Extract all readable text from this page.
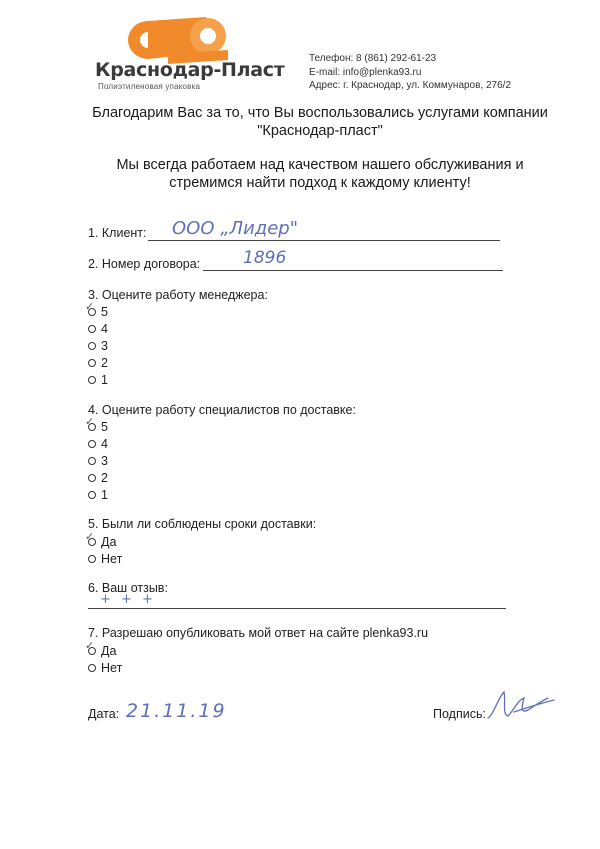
Краснодар-Пласт
Полиэтиленовая упаковка
Телефон: 8 (861) 292-61-23
E-mail: info@plenka93.ru
Адрес: г. Краснодар, ул. Коммунаров, 276/2
Благодарим Вас за то, что Вы воспользовались услугами компании
"Краснодар-пласт"
Мы всегда работаем над качеством нашего обслуживания и
стремимся найти подход к каждому клиенту!
1. Клиент: ООО „Лидер"
2. Номер договора:	1896
3. Оцените работу менеджера:
✓ 5
4
3
2
1
4. Оцените работу специалистов по доставке:
✓ 5
4
3
2
1
5. Были ли соблюдены сроки доставки:
✓ Да
Нет
6. Ваш отзыв:
+ + +
7. Разрешаю опубликовать мой ответ на сайте plenka93.ru
✓ Да
Нет
Дата: 21.11.19	Подпись:
